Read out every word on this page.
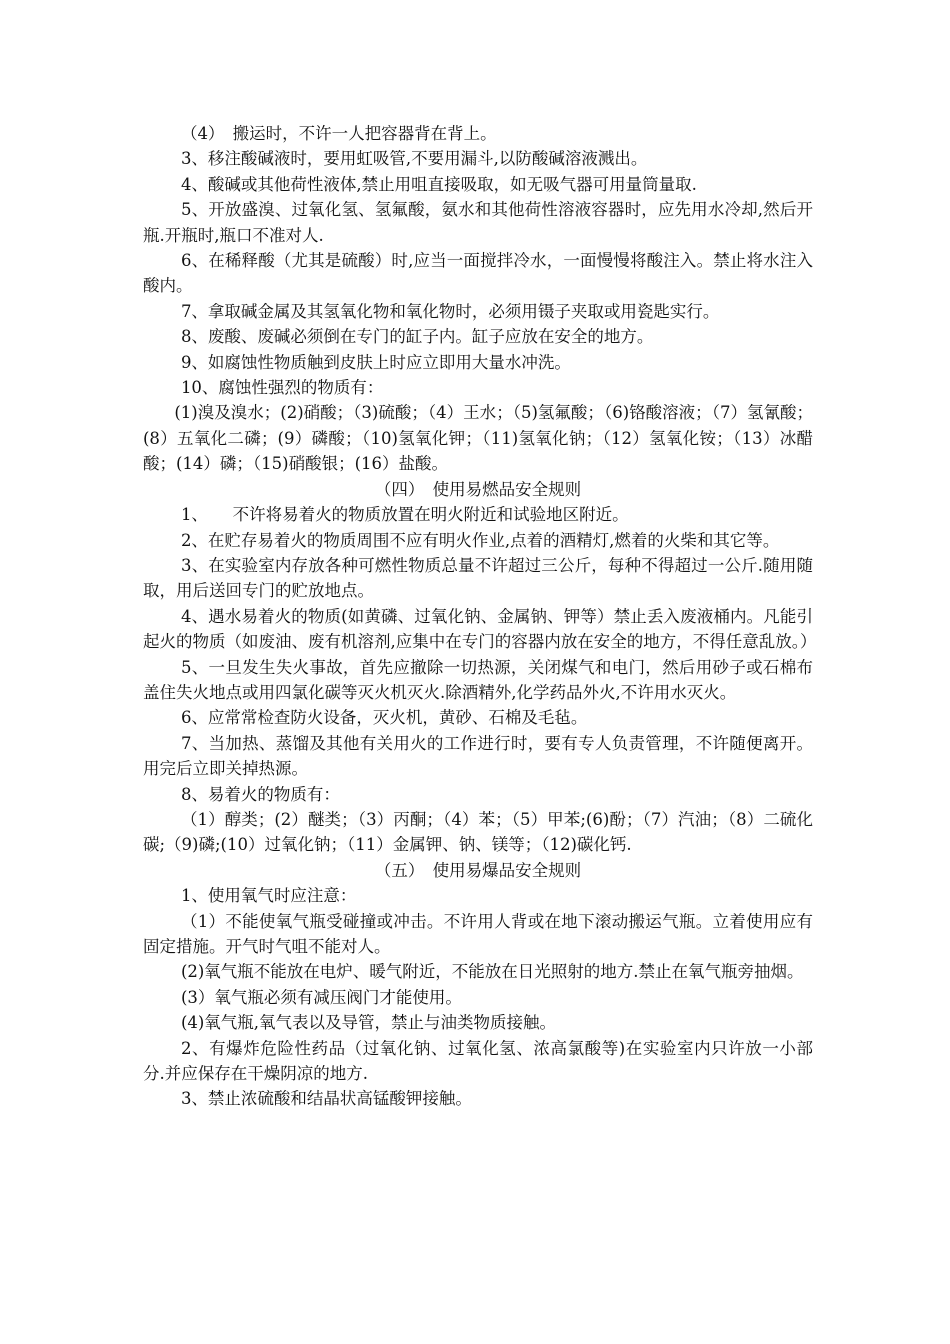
（4）　搬运时，不许一人把容器背在背上。

3、移注酸碱液时，要用虹吸管,不要用漏斗,以防酸碱溶液溅出。

4、酸碱或其他荷性液体,禁止用咀直接吸取，如无吸气器可用量筒量取.

5、开放盛溴、过氧化氢、氢氟酸，氨水和其他荷性溶液容器时，应先用水冷却,然后开瓶.开瓶时,瓶口不准对人.

6、在稀释酸（尤其是硫酸）时,应当一面搅拌冷水，一面慢慢将酸注入。禁止将水注入酸内。

7、拿取碱金属及其氢氧化物和氧化物时，必须用镊子夹取或用瓷匙实行。

8、废酸、废碱必须倒在专门的缸子内。缸子应放在安全的地方。

9、如腐蚀性物质触到皮肤上时应立即用大量水冲洗。

10、腐蚀性强烈的物质有：

(1)溴及溴水；(2)硝酸；（3)硫酸；（4）王水；（5)氢氟酸；（6)铬酸溶液；（7）氢氰酸；(8）五氧化二磷；(9）磷酸；（10)氢氧化钾；（11)氢氧化钠；（12）氢氧化铵；（13）冰醋酸；(14）磷；（15)硝酸银；(16）盐酸。

（四）　使用易燃品安全规则

1、　　不许将易着火的物质放置在明火附近和试验地区附近。

2、在贮存易着火的物质周围不应有明火作业,点着的酒精灯,燃着的火柴和其它等。

3、在实验室内存放各种可燃性物质总量不许超过三公斤，每种不得超过一公斤.随用随取，用后送回专门的贮放地点。

4、遇水易着火的物质(如黄磷、过氧化钠、金属钠、钾等）禁止丢入废液桶内。凡能引起火的物质（如废油、废有机溶剂,应集中在专门的容器内放在安全的地方，不得任意乱放。）

5、一旦发生失火事故，首先应撤除一切热源，关闭煤气和电门，然后用砂子或石棉布盖住失火地点或用四氯化碳等灭火机灭火.除酒精外,化学药品外火,不许用水灭火。

6、应常常检查防火设备，灭火机，黄砂、石棉及毛毡。

7、当加热、蒸馏及其他有关用火的工作进行时，要有专人负责管理，不许随便离开。用完后立即关掉热源。

8、易着火的物质有：

（1）醇类；(2）醚类；（3）丙酮；（4）苯；（5）甲苯;(6)酚；（7）汽油；（8）二硫化碳;（9)磷;(10）过氧化钠；（11）金属钾、钠、镁等；（12)碳化钙.

（五）　使用易爆品安全规则

1、使用氧气时应注意：

（1）不能使氧气瓶受碰撞或冲击。不许用人背或在地下滚动搬运气瓶。立着使用应有固定措施。开气时气咀不能对人。

(2)氧气瓶不能放在电炉、暖气附近，不能放在日光照射的地方.禁止在氧气瓶旁抽烟。

(3）氧气瓶必须有减压阀门才能使用。

(4)氧气瓶,氧气表以及导管，禁止与油类物质接触。

2、有爆炸危险性药品（过氧化钠、过氧化氢、浓高氯酸等)在实验室内只许放一小部分.并应保存在干燥阴凉的地方.

3、禁止浓硫酸和结晶状高锰酸钾接触。
